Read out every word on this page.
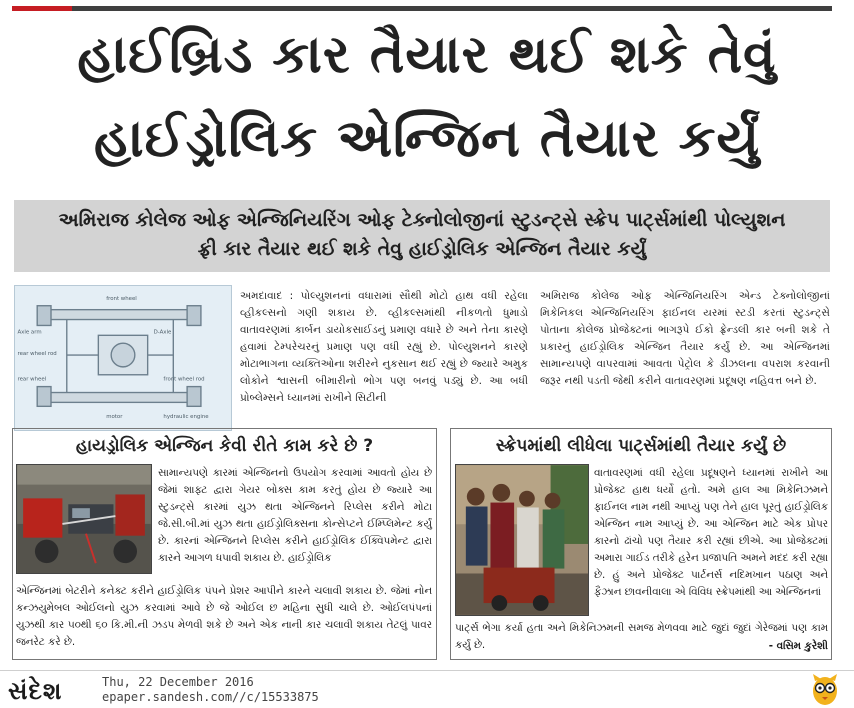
હાઈબ્રિડ કાર તૈયાર થઈ શકે તેવું
હાઈડ્રોલિક એન્જિન તૈયાર કર્યું
અમિરાજ કોલેજ ઓફ એન્જિનિયરિંગ ઓફ ટેક્નોલોજીનાં સ્ટુડન્ટ્સે સ્ક્રેપ પાર્ટ્સમાંથી પોલ્યુશન
ફ્રી કાર તૈયાર થઈ શકે તેવુ હાઈડ્રોલિક એન્જિન તૈયાર કર્યું
front wheel
Axle arm	D-Axle
rear wheel rod
rear wheel	front wheel rod
motor	hydraulic engine
અમદાવાદ : પોલ્યુશનનાં વધારામાં સૌથી મોટો હાથ વધી રહેલા વ્હીકલ્સનો ગણી શકાય છે. વ્હીકલ્સમાંથી નીકળતો ધુમાડો વાતાવરણમાં કાર્બન ડાયોકસાઈડનું પ્રમાણ વધારે છે અને તેના કારણે હવામાં ટેમ્પરેચરનું પ્રમાણ પણ વધી રહ્યું છે. પોલ્યુશનને કારણે મોટાભાગના વ્યક્તિઓના શરીરને નુકસાન થઈ રહ્યું છે જ્યારે અમુક લોકોને શ્વાસની બીમારીનો ભોગ પણ બનવું પડ્યું છે. આ બધી પ્રોબ્લેમ્સને ધ્યાનમાં રાખીને સિટીની
અમિરાજ કોલેજ ઓફ એન્જિનિયરિંગ એન્ડ ટેક્નોલોજીનાં મિકેનિકલ એન્જિનિયરિંગ ફાઈનલ યરમાં સ્ટડી કરતાં સ્ટુડન્ટ્સે પોતાના કોલેજ પ્રોજેક્ટનાં ભાગરૂપે ઈકો ફ્રેન્ડલી કાર બની શકે તે પ્રકારનું હાઈડ્રોલિક એન્જિન તૈયાર કર્યું છે. આ એન્જિનમાં સામાન્યપણે વાપરવામાં આવતા પેટ્રોલ કે ડીઝલના વપરાશ કરવાની જરૂર નથી પડતી જેથી કરીને વાતાવરણમાં પ્રદૂષણ નહિવત્ત બને છે.
હાયડ્રોલિક એન્જિન કેવી રીતે કામ કરે છે ?
સામાન્યપણે કારમાં એન્જિનનો ઉપયોગ કરવામાં આવતો હોય છે જેમાં શાફ્ટ દ્વારા ગેયર બોક્સ કામ કરતું હોય છે જ્યારે આ સ્ટુડન્ટ્સે કારમાં યુઝ થતા એન્જિનને રિપ્લેસ કરીને મોટા જે.સી.બી.માં યુઝ થતા હાઈડ્રોલિક્સના કોન્સેપ્ટને ઈમ્પ્લિમેન્ટ કર્યું છે. કારનાં એન્જિનને રિપ્લેસ કરીને હાઈડ્રોલિક ઈક્વિપમેન્ટ દ્વારા કારને આગળ ધપાવી શકાય છે. હાઈડ્રોલિક
એન્જિનમાં બેટરીને કનેક્ટ કરીને હાઈડ્રોલિક પંપને પ્રેશર આપીને કારને ચલાવી શકાય છે. જેમાં નોન કન્ઝયુમેબલ ઓઈલનો યુઝ કરવામાં આવે છે જે ઓઈલ છ મહિના સુધી ચાલે છે. ઓઈલપંપનાં યુઝથી કાર ૫૦થી ૬૦ કિ.મી.ની ઝડપ મેળવી શકે છે અને એક નાની કાર ચલાવી શકાય તેટલું પાવર જનરેટ કરે છે.
સ્ક્રેપમાંથી લીધેલા પાર્ટ્સમાંથી તૈયાર કર્યું છે
વાતાવરણમાં વધી રહેલા પ્રદૂષણને ધ્યાનમાં રાખીને આ પ્રોજેક્ટ હાથ ધર્યો હતો. અમે હાલ આ મિકેનિઝમને ફાઈનલ નામ નથી આપ્યું પણ તેને હાલ પૂરતું હાઈડ્રોલિક એન્જિન નામ આપ્યું છે. આ એન્જિન માટે એક પ્રોપર કારનો ઢાંચો પણ તૈયાર કરી રહ્યાં છીએ. આ પ્રોજેક્ટમાં અમારા ગાઈડ તરીકે હરેન પ્રજાપતિ અમને મદદ કરી રહ્યા છે. હું અને પ્રોજેક્ટ પાર્ટનર્સ નદિમખાન પઠાણ અને ફૈઝાન છાવનીવાલા એ વિવિધ સ્ક્રેપમાંથી આ એન્જિનનાં
પાર્ટ્સ ભેગા કર્યા હતા અને મિકેનિઝમની સમજ મેળવવા માટે જુદાં જુદાં ગેરેજમાં પણ કામ કર્યું છે.	- વસિમ કુરેશી
સંદેશ	Thu, 22 December 2016
epaper.sandesh.com//c/15533875
